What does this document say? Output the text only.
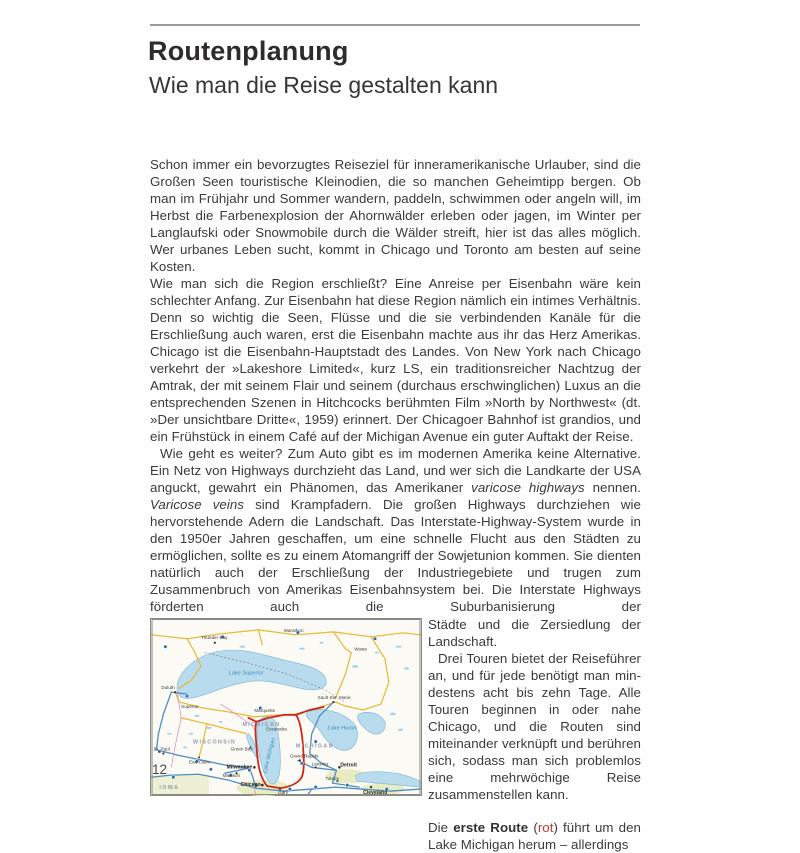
Routenplanung
Wie man die Reise gestalten kann

Schon immer ein bevorzugtes Reiseziel für inneramerikanische Urlauber, sind die Großen Seen touristische Kleinodien, die so manchen Geheimtipp bergen. Ob man im Frühjahr und Sommer wandern, paddeln, schwimmen oder angeln will, im Herbst die Farbenexplosion der Ahornwälder erleben oder jagen, im Winter per Langlaufski oder Snowmobile durch die Wälder streift, hier ist das alles möglich. Wer urbanes Leben sucht, kommt in Chicago und Toronto am besten auf seine Kosten.

Wie man sich die Region erschließt? Eine Anreise per Eisenbahn wäre kein schlechter Anfang. Zur Eisenbahn hat diese Region nämlich ein intimes Verhältnis. Denn so wichtig die Seen, Flüsse und die sie verbindenden Kanäle für die Erschließung auch waren, erst die Eisenbahn machte aus ihr das Herz Amerikas. Chicago ist die Eisenbahn-Hauptstadt des Landes. Von New York nach Chicago verkehrt der »Lakeshore Limited«, kurz LS, ein traditionsreicher Nachtzug der Amtrak, der mit seinem Flair und seinem (durchaus erschwinglichen) Luxus an die entsprechenden Szenen in Hitchcocks berühmten Film »North by Northwest« (dt. »Der unsichtbare Dritte«, 1959) erinnert. Der Chicagoer Bahnhof ist grandios, und ein Frühstück in einem Café auf der Michigan Avenue ein guter Auftakt der Reise.

Wie geht es weiter? Zum Auto gibt es im modernen Amerika keine Alternative. Ein Netz von Highways durchzieht das Land, und wer sich die Landkarte der USA anguckt, gewahrt ein Phänomen, das Amerikaner varicose highways nennen. Varicose veins sind Krampfadern. Die großen Highways durchziehen wie hervorstehende Adern die Landschaft. Das Interstate-Highway-System wurde in den 1950er Jahren geschaffen, um eine schnelle Flucht aus den Städten zu ermöglichen, sollte es zu einem Atomangriff der Sowjetunion kommen. Sie dienten natürlich auch der Erschließung der Industriegebiete und trugen zum Zusammenbruch von Amerikas Eisenbahnsystem bei. Die Interstate Highways förderten auch die Suburbanisierung der

Thunder Bay
Marathon
Wawa
Lake Superior
Duluth
Superior
Sault Ste. Marie
Marquette
MICHIGAN
Escanaba
WISCONSIN
Green Bay
Eau Claire
St. Paul
Madison
Milwaukee
Chicago
Gary
Lake Michigan	MICHIGAN
Grand Rapids
Lansing Detroit
Toledo
Cleveland
Lake Huron
IOWA

Städte und die Zersiedlung der Landschaft.

Drei Touren bietet der Reiseführer an, und für jede benötigt man mindestens acht bis zehn Tage. Alle Touren beginnen in oder nahe Chicago, und die Routen sind miteinander verknüpft und berühren sich, sodass man sich problemlos eine mehrwöchige Reise zusammenstellen kann.

Die erste Route (rot) führt um den Lake Michigan herum – allerdings

12
